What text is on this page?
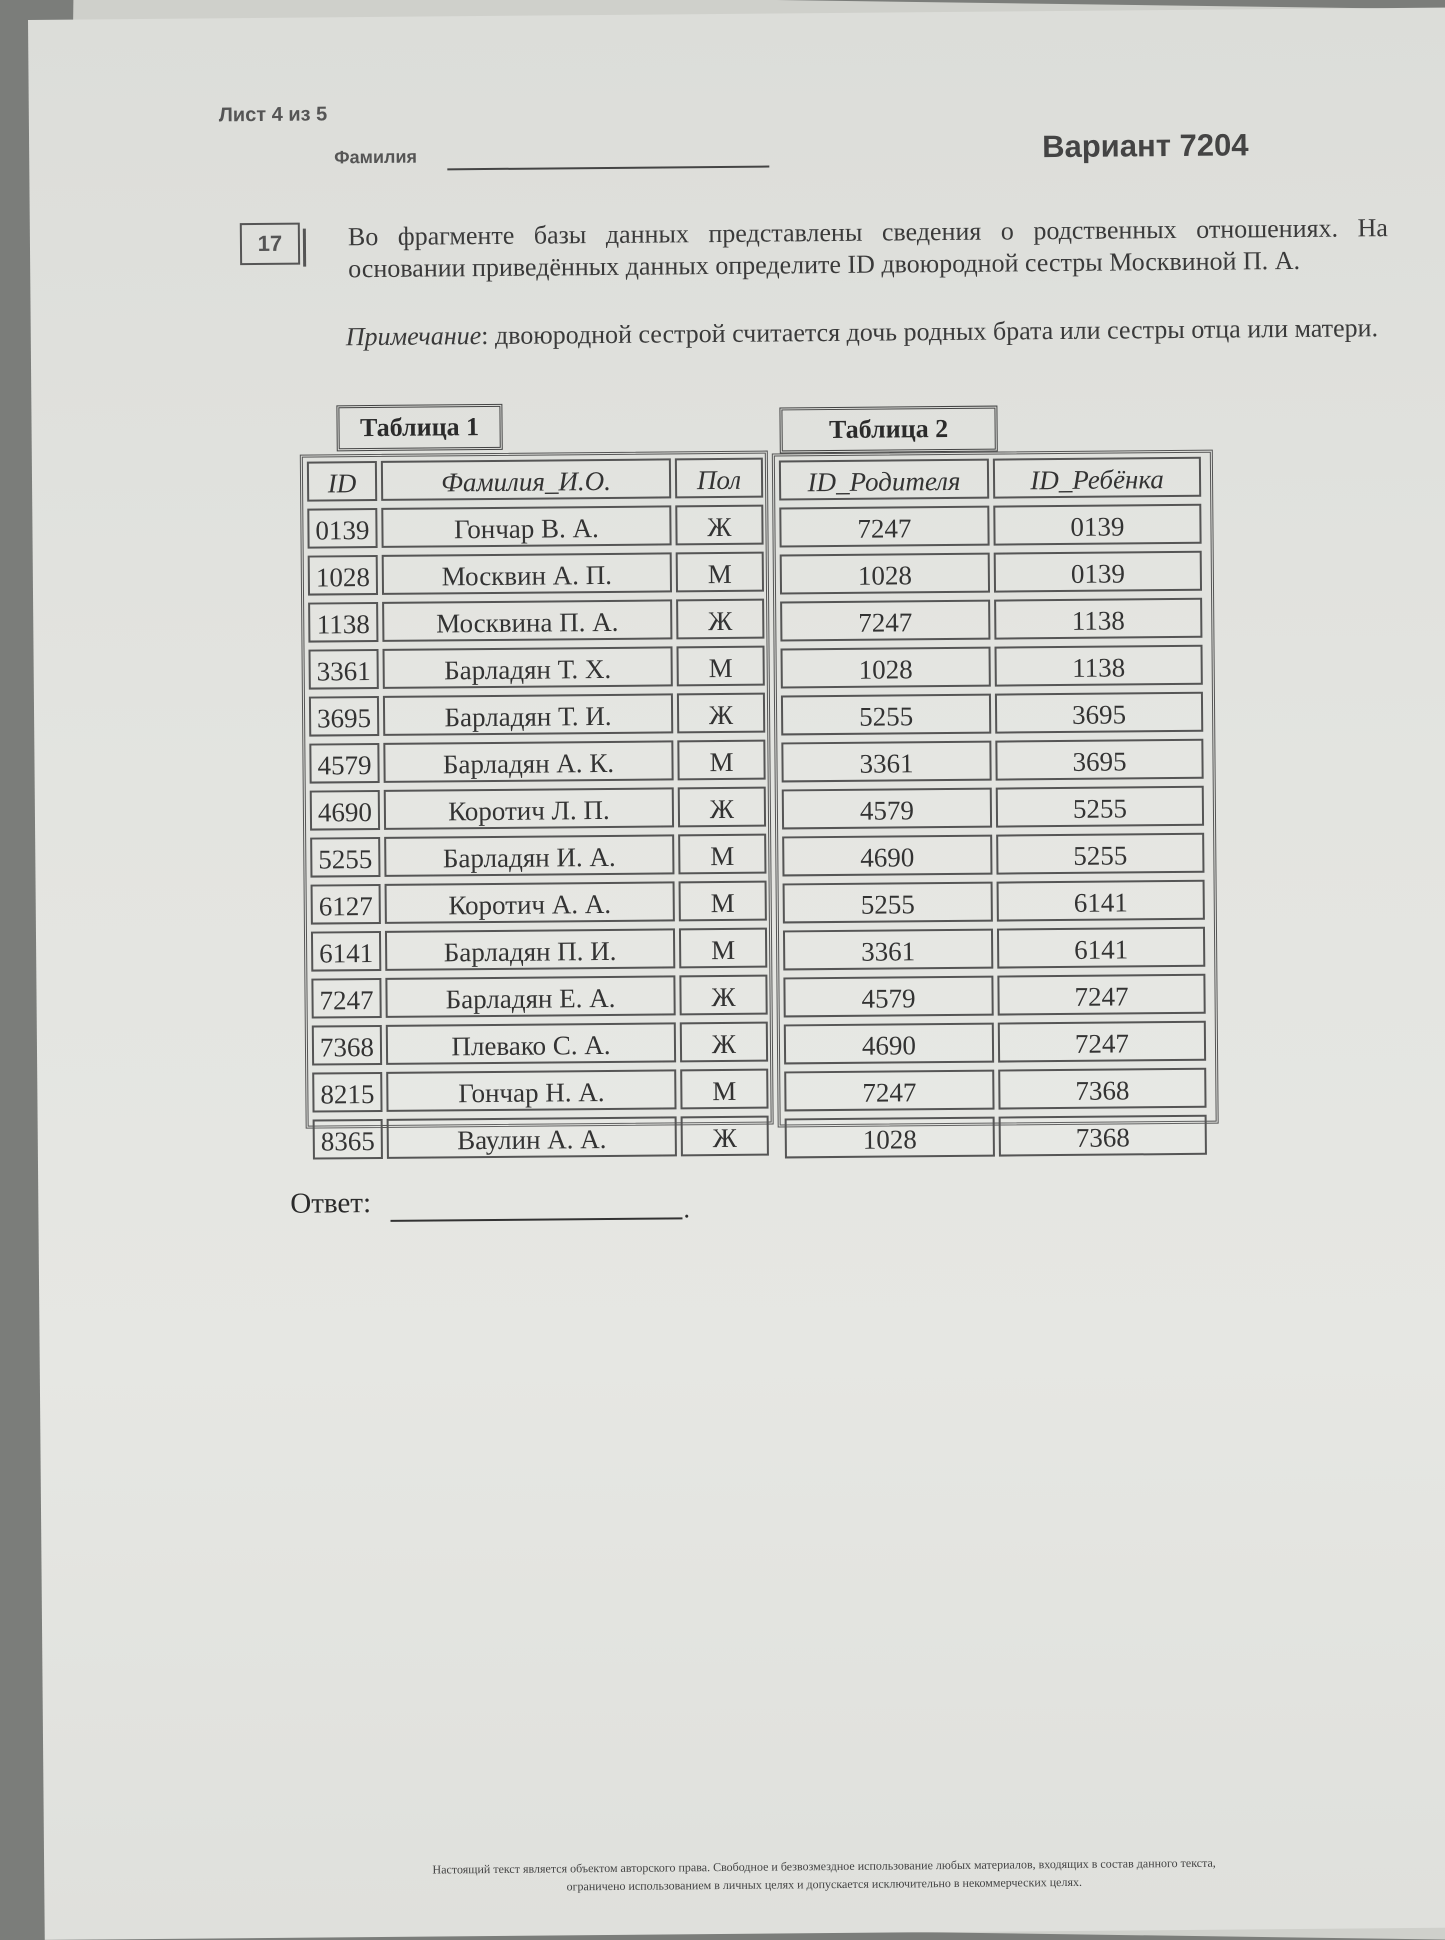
Лист 4 из 5
Фамилия	Вариант 7204
17	Во фрагменте базы данных представлены сведения о родственных отношениях. На основании приведённых данных определите ID двоюродной сестры Москвиной П. А.
Примечание: двоюродной сестрой считается дочь родных брата или сестры отца или матери.
Таблица 1	Таблица 2
ID	Фамилия_И.О.	Пол
0139	Гончар В. А.	Ж
1028	Москвин А. П.	М
1138	Москвина П. А.	Ж
3361	Барладян Т. Х.	М
3695	Барладян Т. И.	Ж
4579	Барладян А. К.	М
4690	Коротич Л. П.	Ж
5255	Барладян И. А.	М
6127	Коротич А. А.	М
6141	Барладян П. И.	М
7247	Барладян Е. А.	Ж
7368	Плевако С. А.	Ж
8215	Гончар Н. А.	М
8365	Ваулин А. А.	Ж
ID_Родителя	ID_Ребёнка
7247	0139
1028	0139
7247	1138
1028	1138
5255	3695
3361	3695
4579	5255
4690	5255
5255	6141
3361	6141
4579	7247
4690	7247
7247	7368
1028	7368
Ответ:	.
Настоящий текст является объектом авторского права. Свободное и безвозмездное использование любых материалов, входящих в состав данного текста,
ограничено использованием в личных целях и допускается исключительно в некоммерческих целях.
